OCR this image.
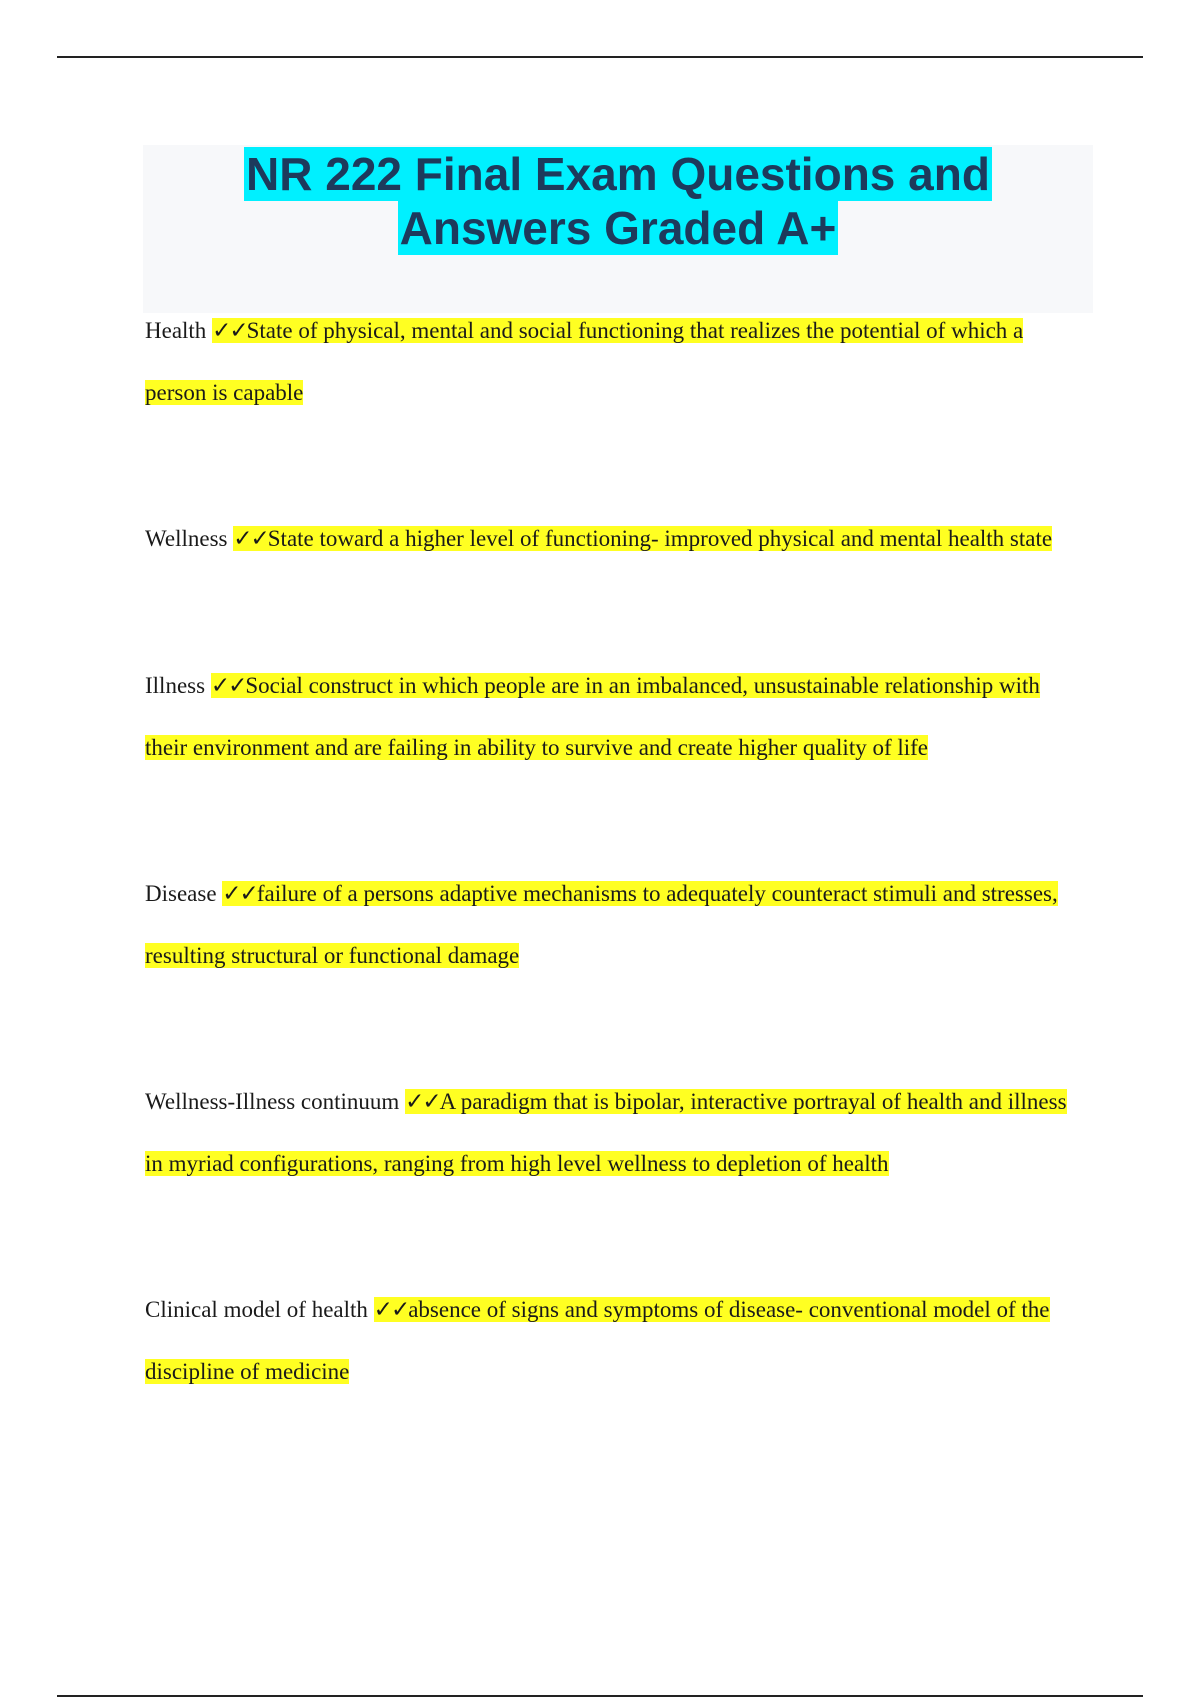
NR 222 Final Exam Questions and
Answers Graded A+

Health ✓✓State of physical, mental and social functioning that realizes the potential of which a person is capable

Wellness ✓✓State toward a higher level of functioning- improved physical and mental health state

Illness ✓✓Social construct in which people are in an imbalanced, unsustainable relationship with their environment and are failing in ability to survive and create higher quality of life

Disease ✓✓failure of a persons adaptive mechanisms to adequately counteract stimuli and stresses, resulting structural or functional damage

Wellness-Illness continuum ✓✓A paradigm that is bipolar, interactive portrayal of health and illness in myriad configurations, ranging from high level wellness to depletion of health

Clinical model of health ✓✓absence of signs and symptoms of disease- conventional model of the discipline of medicine
